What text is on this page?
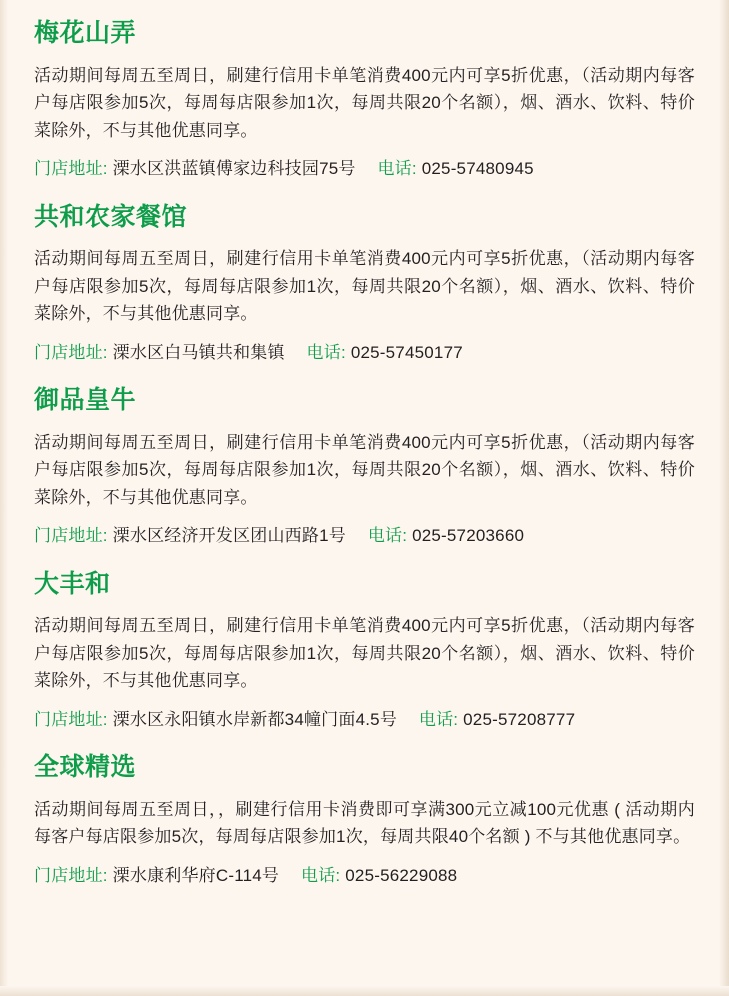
梅花山弄

活动期间每周五至周日，刷建行信用卡单笔消费400元内可享5折优惠，（活动期内每客户每店限参加5次，每周每店限参加1次，每周共限20个名额），烟、酒水、饮料、特价菜除外，不与其他优惠同享。

门店地址: 溧水区洪蓝镇傅家边科技园75号 电话: 025-57480945

共和农家餐馆

活动期间每周五至周日，刷建行信用卡单笔消费400元内可享5折优惠，（活动期内每客户每店限参加5次，每周每店限参加1次，每周共限20个名额），烟、酒水、饮料、特价菜除外，不与其他优惠同享。

门店地址: 溧水区白马镇共和集镇 电话: 025-57450177

御品皇牛

活动期间每周五至周日，刷建行信用卡单笔消费400元内可享5折优惠，（活动期内每客户每店限参加5次，每周每店限参加1次，每周共限20个名额），烟、酒水、饮料、特价菜除外，不与其他优惠同享。

门店地址: 溧水区经济开发区团山西路1号 电话: 025-57203660

大丰和

活动期间每周五至周日，刷建行信用卡单笔消费400元内可享5折优惠，（活动期内每客户每店限参加5次，每周每店限参加1次，每周共限20个名额），烟、酒水、饮料、特价菜除外，不与其他优惠同享。

门店地址: 溧水区永阳镇水岸新都34幢门面4.5号 电话: 025-57208777

全球精选

活动期间每周五至周日，，刷建行信用卡消费即可享满300元立减100元优惠 ( 活动期内每客户每店限参加5次，每周每店限参加1次，每周共限40个名额 ) 不与其他优惠同享。

门店地址: 溧水康利华府C-114号 电话: 025-56229088
